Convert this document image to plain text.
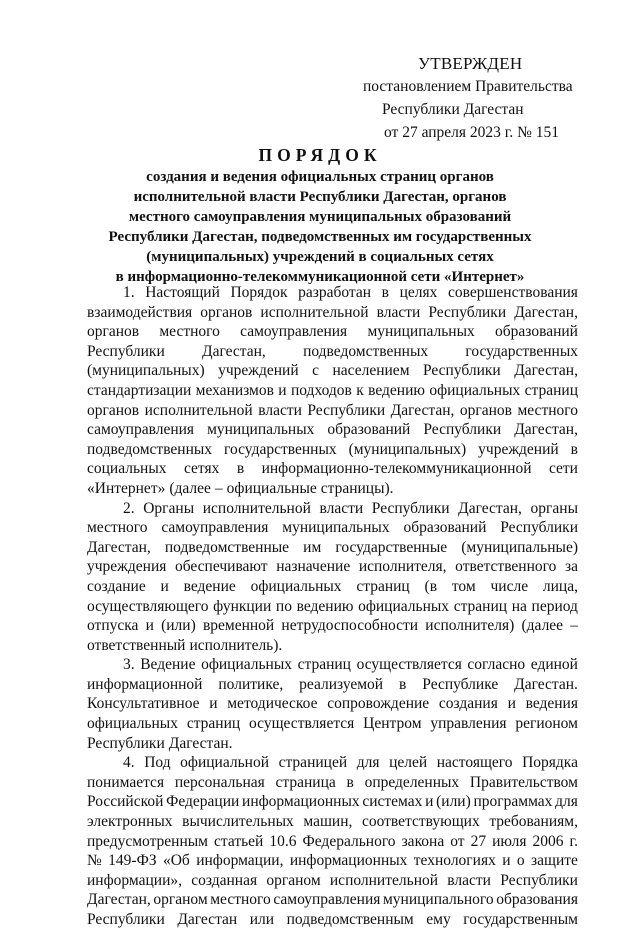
УТВЕРЖДЕН
постановлением Правительства
Республики Дагестан
от 27 апреля 2023 г. № 151
ПОРЯДОК
создания и ведения официальных страниц органов
исполнительной власти Республики Дагестан, органов
местного самоуправления муниципальных образований
Республики Дагестан, подведомственных им государственных
(муниципальных) учреждений в социальных сетях
в информационно-телекоммуникационной сети «Интернет»
1. Настоящий Порядок разработан в целях совершенствования
взаимодействия органов исполнительной власти Республики Дагестан,
органов местного самоуправления муниципальных образований
Республики Дагестан, подведомственных государственных
(муниципальных) учреждений с населением Республики Дагестан,
стандартизации механизмов и подходов к ведению официальных страниц
органов исполнительной власти Республики Дагестан, органов местного
самоуправления муниципальных образований Республики Дагестан,
подведомственных государственных (муниципальных) учреждений в
социальных сетях в информационно-телекоммуникационной сети
«Интернет» (далее – официальные страницы).
2. Органы исполнительной власти Республики Дагестан, органы
местного самоуправления муниципальных образований Республики
Дагестан, подведомственные им государственные (муниципальные)
учреждения обеспечивают назначение исполнителя, ответственного за
создание и ведение официальных страниц (в том числе лица,
осуществляющего функции по ведению официальных страниц на период
отпуска и (или) временной нетрудоспособности исполнителя) (далее –
ответственный исполнитель).
3. Ведение официальных страниц осуществляется согласно единой
информационной политике, реализуемой в Республике Дагестан.
Консультативное и методическое сопровождение создания и ведения
официальных страниц осуществляется Центром управления регионом
Республики Дагестан.
4. Под официальной страницей для целей настоящего Порядка
понимается персональная страница в определенных Правительством
Российской Федерации информационных системах и (или) программах для
электронных вычислительных машин, соответствующих требованиям,
предусмотренным статьей 10.6 Федерального закона от 27 июля 2006 г.
№ 149-ФЗ «Об информации, информационных технологиях и о защите
информации», созданная органом исполнительной власти Республики
Дагестан, органом местного самоуправления муниципального образования
Республики Дагестан или подведомственным ему государственным
